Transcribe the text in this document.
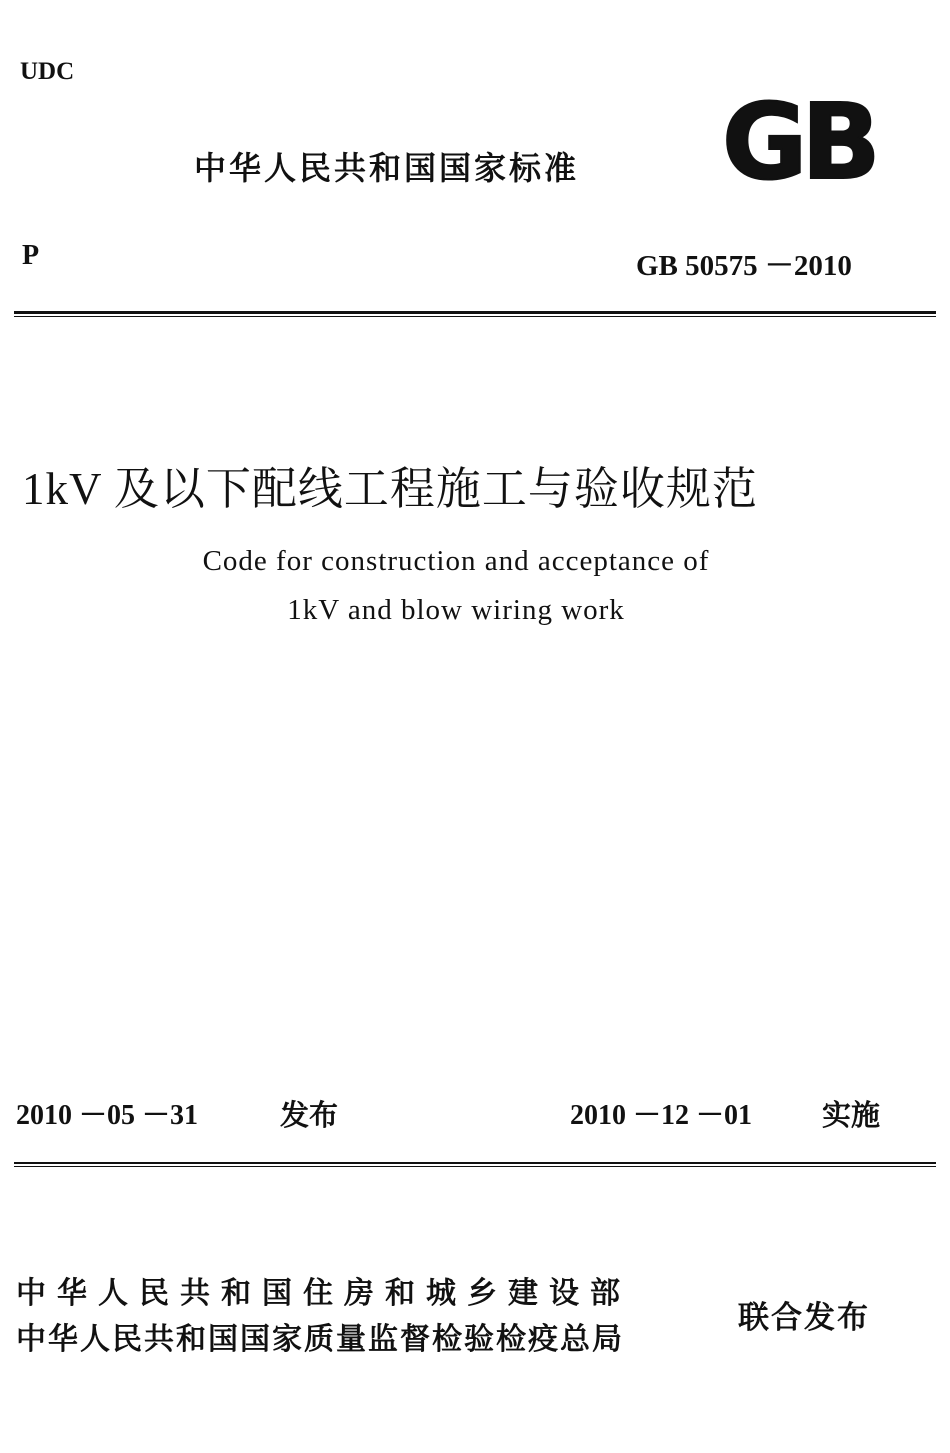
UDC
中华人民共和国国家标准 GB
P	GB 50575 －2010
1kV 及以下配线工程施工与验收规范
Code for construction and acceptance of
1kV and blow wiring work
2010 －05 －31	发布	2010 －12 －01 实施
中华人民共和国住房和城乡建设部
中华人民共和国国家质量监督检验检疫总局
联合发布
